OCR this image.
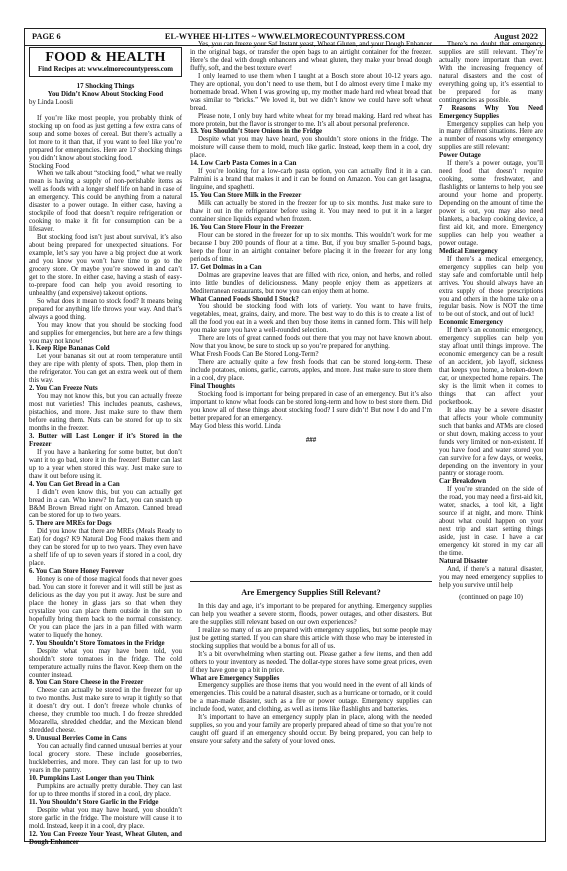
PAGE 6	EL-WYHEE HI-LITES ~ WWW.ELMORECOUNTYPRESS.COM	August 2022
FOOD & HEALTH
Find Recipes at: www.elmorecountypress.com
17 Shocking Things
You Didn’t Know About Stocking Food

by Linda Loosli

If you’re like most people, you probably think of stocking up on food as just getting a few extra cans of soup and some boxes of cereal. But there’s actually a lot more to it than that, if you want to feel like you’re prepared for emergencies. Here are 17 shocking things you didn’t know about stocking food.

Stocking Food

When we talk about “stocking food,” what we really mean is having a supply of non-perishable items as well as foods with a longer shelf life on hand in case of an emergency. This could be anything from a natural disaster to a power outage. In either case, having a stockpile of food that doesn’t require refrigeration or cooking to make it fit for consumption can be a lifesaver.

But stocking food isn’t just about survival, it’s also about being prepared for unexpected situations. For example, let’s say you have a big project due at work and you know you won’t have time to go to the grocery store. Or maybe you’re snowed in and can’t get to the store. In either case, having a stash of easy-to-prepare food can help you avoid resorting to unhealthy (and expensive) takeout options.

So what does it mean to stock food? It means being prepared for anything life throws your way. And that’s always a good thing.

You may know that you should be stocking food and supplies for emergencies, but here are a few things you may not know!

1. Keep Ripe Bananas Cold

Let your bananas sit out at room temperature until they are ripe with plenty of spots. Then, plop them in the refrigerator. You can get an extra week out of them this way.

2. You Can Freeze Nuts

You may not know this, but you can actually freeze most nut varieties! This includes peanuts, cashews, pistachios, and more. Just make sure to thaw them before eating them. Nuts can be stored for up to six months in the freezer.

3. Butter will Last Longer if it’s Stored in the Freezer

If you have a hankering for some butter, but don’t want it to go bad, store it in the freezer! Butter can last up to a year when stored this way. Just make sure to thaw it out before using it.

4. You Can Get Bread in a Can

I didn’t even know this, but you can actually get bread in a can. Who knew? In fact, you can snatch up B&M Brown Bread right on Amazon. Canned bread can be stored for up to two years.

5. There are MREs for Dogs

Did you know that there are MREs (Meals Ready to Eat) for dogs? K9 Natural Dog Food makes them and they can be stored for up to two years. They even have a shelf life of up to seven years if stored in a cool, dry place.

6. You Can Store Honey Forever

Honey is one of those magical foods that never goes bad. You can store it forever and it will still be just as delicious as the day you put it away. Just be sure and place the honey in glass jars so that when they crystalize you can place them outside in the sun to hopefully bring them back to the normal consistency. Or you can place the jars in a pan filled with warm water to liquefy the honey.

7. You Shouldn’t Store Tomatoes in the Fridge

Despite what you may have been told, you shouldn’t store tomatoes in the fridge. The cold temperature actually ruins the flavor. Keep them on the counter instead.

8. You Can Store Cheese in the Freezer

Cheese can actually be stored in the freezer for up to two months. Just make sure to wrap it tightly so that it doesn’t dry out. I don’t freeze whole chunks of cheese, they crumble too much. I do freeze shredded Mozarella, shredded cheddar, and the Mexican blend shredded cheese.

9. Unusual Berries Come in Cans

You can actually find canned unusual berries at your local grocery store. These include gooseberries, huckleberries, and more. They can last for up to two years in the pantry.

10. Pumpkins Last Longer than you Think

Pumpkins are actually pretty durable. They can last for up to three months if stored in a cool, dry place.

11. You Shouldn’t Store Garlic in the Fridge

Despite what you may have heard, you shouldn’t store garlic in the fridge. The moisture will cause it to mold. Instead, keep it in a cool, dry place.

12. You Can Freeze Your Yeast, Wheat Gluten, and Dough Enhancer

Yes, you can freeze your Saf Instant yeast, Wheat Gluten, and your Dough Enhancer in the original bags, or transfer the open bags to an airtight container for the freezer. Here’s the deal with dough enhancers and wheat gluten, they make your bread dough fluffy, soft, and the best texture ever!

I only learned to use them when I taught at a Bosch store about 10-12 years ago. They are optional, you don’t need to use them, but I do almost every time I make my homemade bread. When I was growing up, my mother made hard red wheat bread that was similar to “bricks.” We loved it, but we didn’t know we could have soft wheat bread.

Please note, I only buy hard white wheat for my bread making. Hard red wheat has more protein, but the flavor is stronger to me. It’s all about personal preference.

13. You Shouldn’t Store Onions in the Fridge

Despite what you may have heard, you shouldn’t store onions in the fridge. The moisture will cause them to mold, much like garlic. Instead, keep them in a cool, dry place.

14. Low Carb Pasta Comes in a Can

If you’re looking for a low-carb pasta option, you can actually find it in a can. Palmini is a brand that makes it and it can be found on Amazon. You can get lasagna, linguine, and spaghetti.

15. You Can Store Milk in the Freezer

Milk can actually be stored in the freezer for up to six months. Just make sure to thaw it out in the refrigerator before using it. You may need to put it in a larger container since liquids expand when frozen.

16. You Can Store Flour in the Freezer

Flour can be stored in the freezer for up to six months. This wouldn’t work for me because I buy 200 pounds of flour at a time. But, if you buy smaller 5-pound bags, keep the flour in an airtight container before placing it in the freezer for any long periods of time.

17. Get Dolmas in a Can

Dolmas are grapevine leaves that are filled with rice, onion, and herbs, and rolled into little bundles of deliciousness. Many people enjoy them as appetizers at Mediterranean restaurants, but now you can enjoy them at home.

What Canned Foods Should I Stock?

You should be stocking food with lots of variety. You want to have fruits, vegetables, meat, grains, dairy, and more. The best way to do this is to create a list of all the food you eat in a week and then buy those items in canned form. This will help you make sure you have a well-rounded selection.

There are lots of great canned foods out there that you may not have known about. Now that you know, be sure to stock up so you’re prepared for anything.

What Fresh Foods Can Be Stored Long-Term?

There are actually quite a few fresh foods that can be stored long-term. These include potatoes, onions, garlic, carrots, apples, and more. Just make sure to store them in a cool, dry place.

Final Thoughts

Stocking food is important for being prepared in case of an emergency. But it’s also important to know what foods can be stored long-term and how to best store them. Did you know all of these things about stocking food? I sure didn’t! But now I do and I’m better prepared for an emergency.

May God bless this world. Linda

###

Are Emergency Supplies Still Relevant?

In this day and age, it’s important to be prepared for anything. Emergency supplies can help you weather a severe storm, floods, power outages, and other disasters. But are the supplies still relevant based on our own experiences?

I realize so many of us are prepared with emergency supplies, but some people may just be getting started. If you can share this article with those who may be interested in stocking supplies that would be a bonus for all of us.

It’s a bit overwhelming when starting out. Please gather a few items, and then add others to your inventory as needed. The dollar-type stores have some great prices, even if they have gone up a bit in price.

What are Emergency Supplies

Emergency supplies are those items that you would need in the event of all kinds of emergencies. This could be a natural disaster, such as a hurricane or tornado, or it could be a man-made disaster, such as a fire or power outage. Emergency supplies can include food, water, and clothing, as well as items like flashlights and batteries.

It’s important to have an emergency supply plan in place, along with the needed supplies, so you and your family are properly prepared ahead of time so that you’re not caught off guard if an emergency should occur. By being prepared, you can help to ensure your safety and the safety of your loved ones.

There’s no doubt that emergency supplies are still relevant. They’re actually more important than ever. With the increasing frequency of natural disasters and the cost of everything going up, it’s essential to be prepared for as many contingencies as possible.

7 Reasons Why You Need Emergency Supplies

Emergency supplies can help you in many different situations. Here are a number of reasons why emergency supplies are still relevant:

Power Outage

If there’s a power outage, you’ll need food that doesn’t require cooking, some freshwater, and flashlights or lanterns to help you see around your home and property. Depending on the amount of time the power is out, you may also need blankets, a backup cooking device, a first aid kit, and more. Emergency supplies can help you weather a power outage.

Medical Emergency

If there’s a medical emergency, emergency supplies can help you stay safe and comfortable until help arrives. You should always have an extra supply of those prescriptions you and others in the home take on a regular basis. Now is NOT the time to be out of stock, and out of luck!

Economic Emergency

If there’s an economic emergency, emergency supplies can help you stay afloat until things improve. The economic emergency can be a result of an accident, job layoff, sickness that keeps you home, a broken-down car, or unexpected home repairs. The sky is the limit when it comes to things that can affect your pocketbook.

It also may be a severe disaster that affects your whole community such that banks and ATMs are closed or shut down, making access to your funds very limited or non-existent. If you have food and water stored you can survive for a few days, or weeks, depending on the inventory in your pantry or storage room.

Car Breakdown

If you’re stranded on the side of the road, you may need a first-aid kit, water, snacks, a tool kit, a light source if at night, and more. Think about what could happen on your next trip and start setting things aside, just in case. I have a car emergency kit stored in my car all the time.

Natural Disaster

And, if there’s a natural disaster, you may need emergency supplies to help you survive until help

(continued on page 10)
